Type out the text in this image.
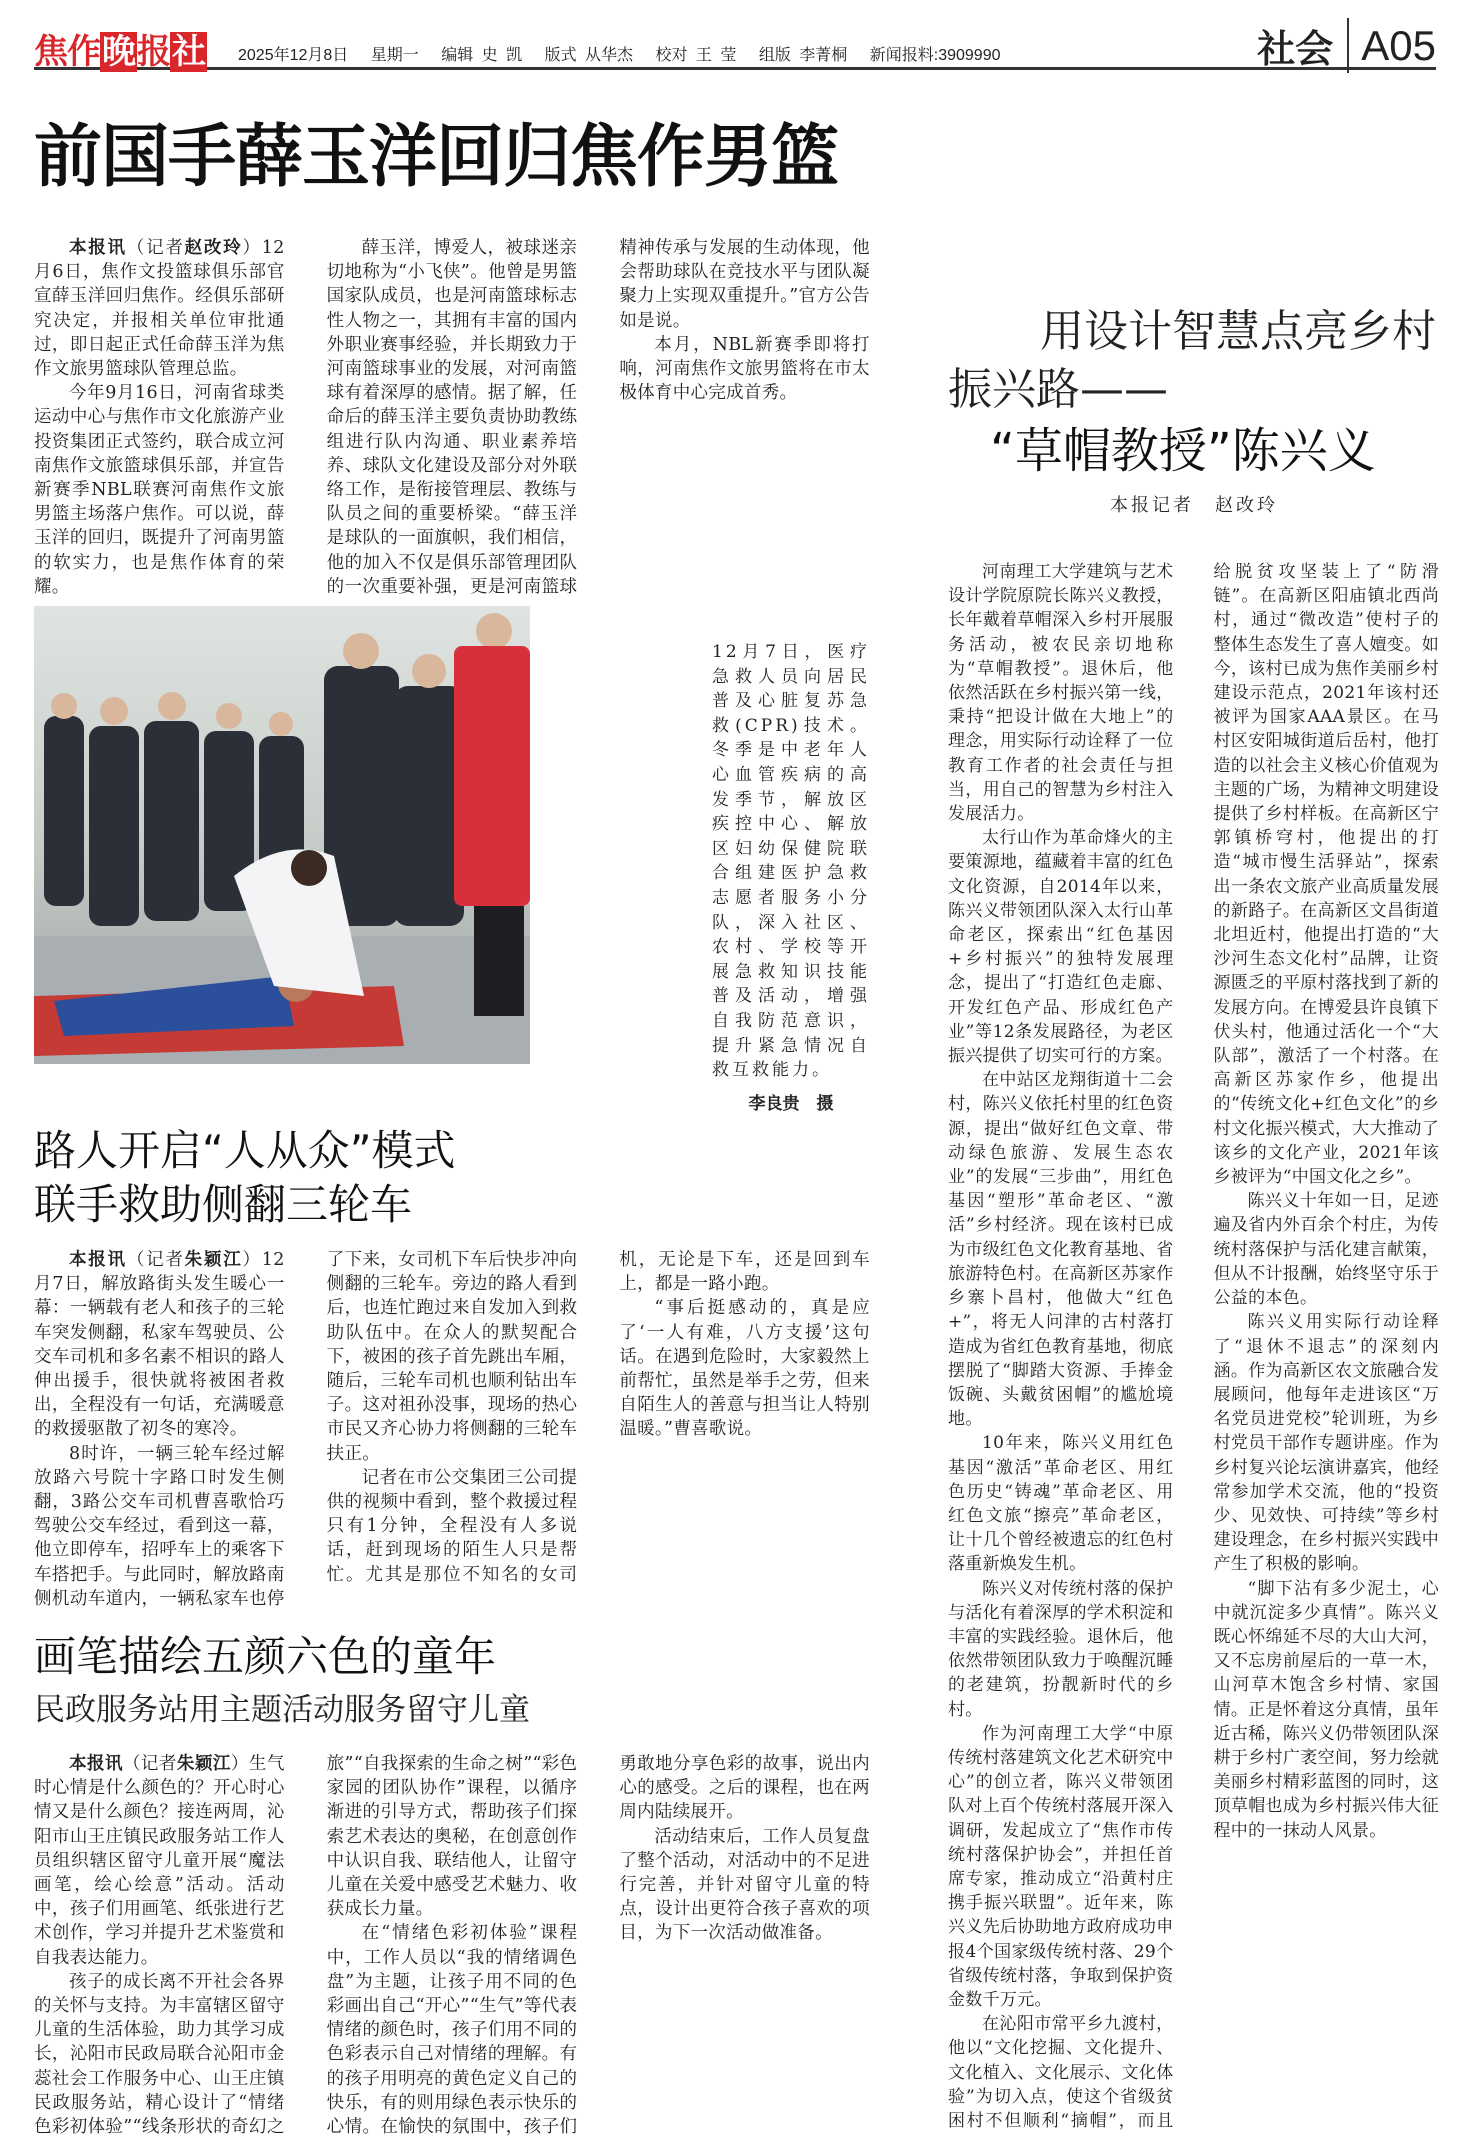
焦作晚报社 2025年12月8日 星期一 编辑 史 凯 版式 从华杰 校对 王 莹 组版 李菁桐 新闻报料:3909990	社会 A05
前国手薛玉洋回归焦作男篮

本报讯（记者赵改玲）12月6日，焦作文投篮球俱乐部官宣薛玉洋回归焦作。经俱乐部研究决定，并报相关单位审批通过，即日起正式任命薛玉洋为焦作文旅男篮球队管理总监。

今年9月16日，河南省球类运动中心与焦作市文化旅游产业投资集团正式签约，联合成立河南焦作文旅篮球俱乐部，并宣告新赛季NBL联赛河南焦作文旅男篮主场落户焦作。可以说，薛玉洋的回归，既提升了河南男篮的软实力，也是焦作体育的荣耀。

薛玉洋，博爱人，被球迷亲切地称为“小飞侠”。他曾是男篮国家队成员，也是河南篮球标志性人物之一，其拥有丰富的国内外职业赛事经验，并长期致力于河南篮球事业的发展，对河南篮球有着深厚的感情。据了解，任命后的薛玉洋主要负责协助教练组进行队内沟通、职业素养培养、球队文化建设及部分对外联络工作，是衔接管理层、教练与队员之间的重要桥梁。“薛玉洋是球队的一面旗帜，我们相信，他的加入不仅是俱乐部管理团队的一次重要补强，更是河南篮球精神传承与发展的生动体现，他会帮助球队在竞技水平与团队凝聚力上实现双重提升。”官方公告如是说。

本月，NBL新赛季即将打响，河南焦作文旅男篮将在市太极体育中心完成首秀。

12月7日，医疗急救人员向居民普及心脏复苏急救(CPR)技术。冬季是中老年人心血管疾病的高发季节，解放区疾控中心、解放区妇幼保健院联合组建医护急救志愿者服务小分队，深入社区、农村、学校等开展急救知识技能普及活动，增强自我防范意识，提升紧急情况自救互救能力。
李良贵　摄
路人开启“人从众”模式
联手救助侧翻三轮车

本报讯（记者朱颖江）12月7日，解放路街头发生暖心一幕：一辆载有老人和孩子的三轮车突发侧翻，私家车驾驶员、公交车司机和多名素不相识的路人伸出援手，很快就将被困者救出，全程没有一句话，充满暖意的救援驱散了初冬的寒冷。

8时许，一辆三轮车经过解放路六号院十字路口时发生侧翻，3路公交车司机曹喜歌恰巧驾驶公交车经过，看到这一幕，他立即停车，招呼车上的乘客下车搭把手。与此同时，解放路南侧机动车道内，一辆私家车也停了下来，女司机下车后快步冲向侧翻的三轮车。旁边的路人看到后，也连忙跑过来自发加入到救助队伍中。在众人的默契配合下，被困的孩子首先跳出车厢，随后，三轮车司机也顺利钻出车子。这对祖孙没事，现场的热心市民又齐心协力将侧翻的三轮车扶正。

记者在市公交集团三公司提供的视频中看到，整个救援过程只有1分钟，全程没有人多说话，赶到现场的陌生人只是帮忙。尤其是那位不知名的女司机，无论是下车，还是回到车上，都是一路小跑。

“事后挺感动的，真是应了‘一人有难，八方支援’这句话。在遇到危险时，大家毅然上前帮忙，虽然是举手之劳，但来自陌生人的善意与担当让人特别温暖。”曹喜歌说。

画笔描绘五颜六色的童年
民政服务站用主题活动服务留守儿童

本报讯（记者朱颖江）生气时心情是什么颜色的？开心时心情又是什么颜色？接连两周，沁阳市山王庄镇民政服务站工作人员组织辖区留守儿童开展“魔法画笔，绘心绘意”活动。活动中，孩子们用画笔、纸张进行艺术创作，学习并提升艺术鉴赏和自我表达能力。

孩子的成长离不开社会各界的关怀与支持。为丰富辖区留守儿童的生活体验，助力其学习成长，沁阳市民政局联合沁阳市金蕊社会工作服务中心、山王庄镇民政服务站，精心设计了“情绪色彩初体验”“线条形状的奇幻之旅”“自我探索的生命之树”“彩色家园的团队协作”课程，以循序渐进的引导方式，帮助孩子们探索艺术表达的奥秘，在创意创作中认识自我、联结他人，让留守儿童在关爱中感受艺术魅力、收获成长力量。

在“情绪色彩初体验”课程中，工作人员以“我的情绪调色盘”为主题，让孩子用不同的色彩画出自己“开心”“生气”等代表情绪的颜色时，孩子们用不同的色彩表示自己对情绪的理解。有的孩子用明亮的黄色定义自己的快乐，有的则用绿色表示快乐的心情。在愉快的氛围中，孩子们勇敢地分享色彩的故事，说出内心的感受。之后的课程，也在两周内陆续展开。

活动结束后，工作人员复盘了整个活动，对活动中的不足进行完善，并针对留守儿童的特点，设计出更符合孩子喜欢的项目，为下一次活动做准备。

用设计智慧点亮乡村
振兴路——
“草帽教授”陈兴义
本报记者　赵改玲

河南理工大学建筑与艺术设计学院原院长陈兴义教授，长年戴着草帽深入乡村开展服务活动，被农民亲切地称为“草帽教授”。退休后，他依然活跃在乡村振兴第一线，秉持“把设计做在大地上”的理念，用实际行动诠释了一位教育工作者的社会责任与担当，用自己的智慧为乡村注入发展活力。

太行山作为革命烽火的主要策源地，蕴藏着丰富的红色文化资源，自2014年以来，陈兴义带领团队深入太行山革命老区，探索出“红色基因+乡村振兴”的独特发展理念，提出了“打造红色走廊、开发红色产品、形成红色产业”等12条发展路径，为老区振兴提供了切实可行的方案。

在中站区龙翔街道十二会村，陈兴义依托村里的红色资源，提出“做好红色文章、带动绿色旅游、发展生态农业”的发展“三步曲”，用红色基因“塑形”革命老区、“激活”乡村经济。现在该村已成为市级红色文化教育基地、省旅游特色村。在高新区苏家作乡寨卜昌村，他做大“红色+”，将无人问津的古村落打造成为省红色教育基地，彻底摆脱了“脚踏大资源、手捧金饭碗、头戴贫困帽”的尴尬境地。

10年来，陈兴义用红色基因“激活”革命老区、用红色历史“铸魂”革命老区、用红色文旅“擦亮”革命老区，让十几个曾经被遗忘的红色村落重新焕发生机。

陈兴义对传统村落的保护与活化有着深厚的学术积淀和丰富的实践经验。退休后，他依然带领团队致力于唤醒沉睡的老建筑，扮靓新时代的乡村。

作为河南理工大学“中原传统村落建筑文化艺术研究中心”的创立者，陈兴义带领团队对上百个传统村落展开深入调研，发起成立了“焦作市传统村落保护协会”，并担任首席专家，推动成立“沿黄村庄携手振兴联盟”。近年来，陈兴义先后协助地方政府成功申报4个国家级传统村落、29个省级传统村落，争取到保护资金数千万元。

在沁阳市常平乡九渡村，他以“文化挖掘、文化提升、文化植入、文化展示、文化体验”为切入点，使这个省级贫困村不但顺利“摘帽”，而且给脱贫攻坚装上了“防滑链”。在高新区阳庙镇北西尚村，通过“微改造”使村子的整体生态发生了喜人嬗变。如今，该村已成为焦作美丽乡村建设示范点，2021年该村还被评为国家AAA景区。在马村区安阳城街道后岳村，他打造的以社会主义核心价值观为主题的广场，为精神文明建设提供了乡村样板。在高新区宁郭镇桥穹村，他提出的打造“城市慢生活驿站”，探索出一条农文旅产业高质量发展的新路子。在高新区文昌街道北坦近村，他提出打造的“大沙河生态文化村”品牌，让资源匮乏的平原村落找到了新的发展方向。在博爱县许良镇下伏头村，他通过活化一个“大队部”，激活了一个村落。在高新区苏家作乡，他提出的“传统文化+红色文化”的乡村文化振兴模式，大大推动了该乡的文化产业，2021年该乡被评为“中国文化之乡”。

陈兴义十年如一日，足迹遍及省内外百余个村庄，为传统村落保护与活化建言献策，但从不计报酬，始终坚守乐于公益的本色。

陈兴义用实际行动诠释了“退休不退志”的深刻内涵。作为高新区农文旅融合发展顾问，他每年走进该区“万名党员进党校”轮训班，为乡村党员干部作专题讲座。作为乡村复兴论坛演讲嘉宾，他经常参加学术交流，他的“投资少、见效快、可持续”等乡村建设理念，在乡村振兴实践中产生了积极的影响。

“脚下沾有多少泥土，心中就沉淀多少真情”。陈兴义既心怀绵延不尽的大山大河，又不忘房前屋后的一草一木，山河草木饱含乡村情、家国情。正是怀着这分真情，虽年近古稀，陈兴义仍带领团队深耕于乡村广袤空间，努力绘就美丽乡村精彩蓝图的同时，这顶草帽也成为乡村振兴伟大征程中的一抹动人风景。
